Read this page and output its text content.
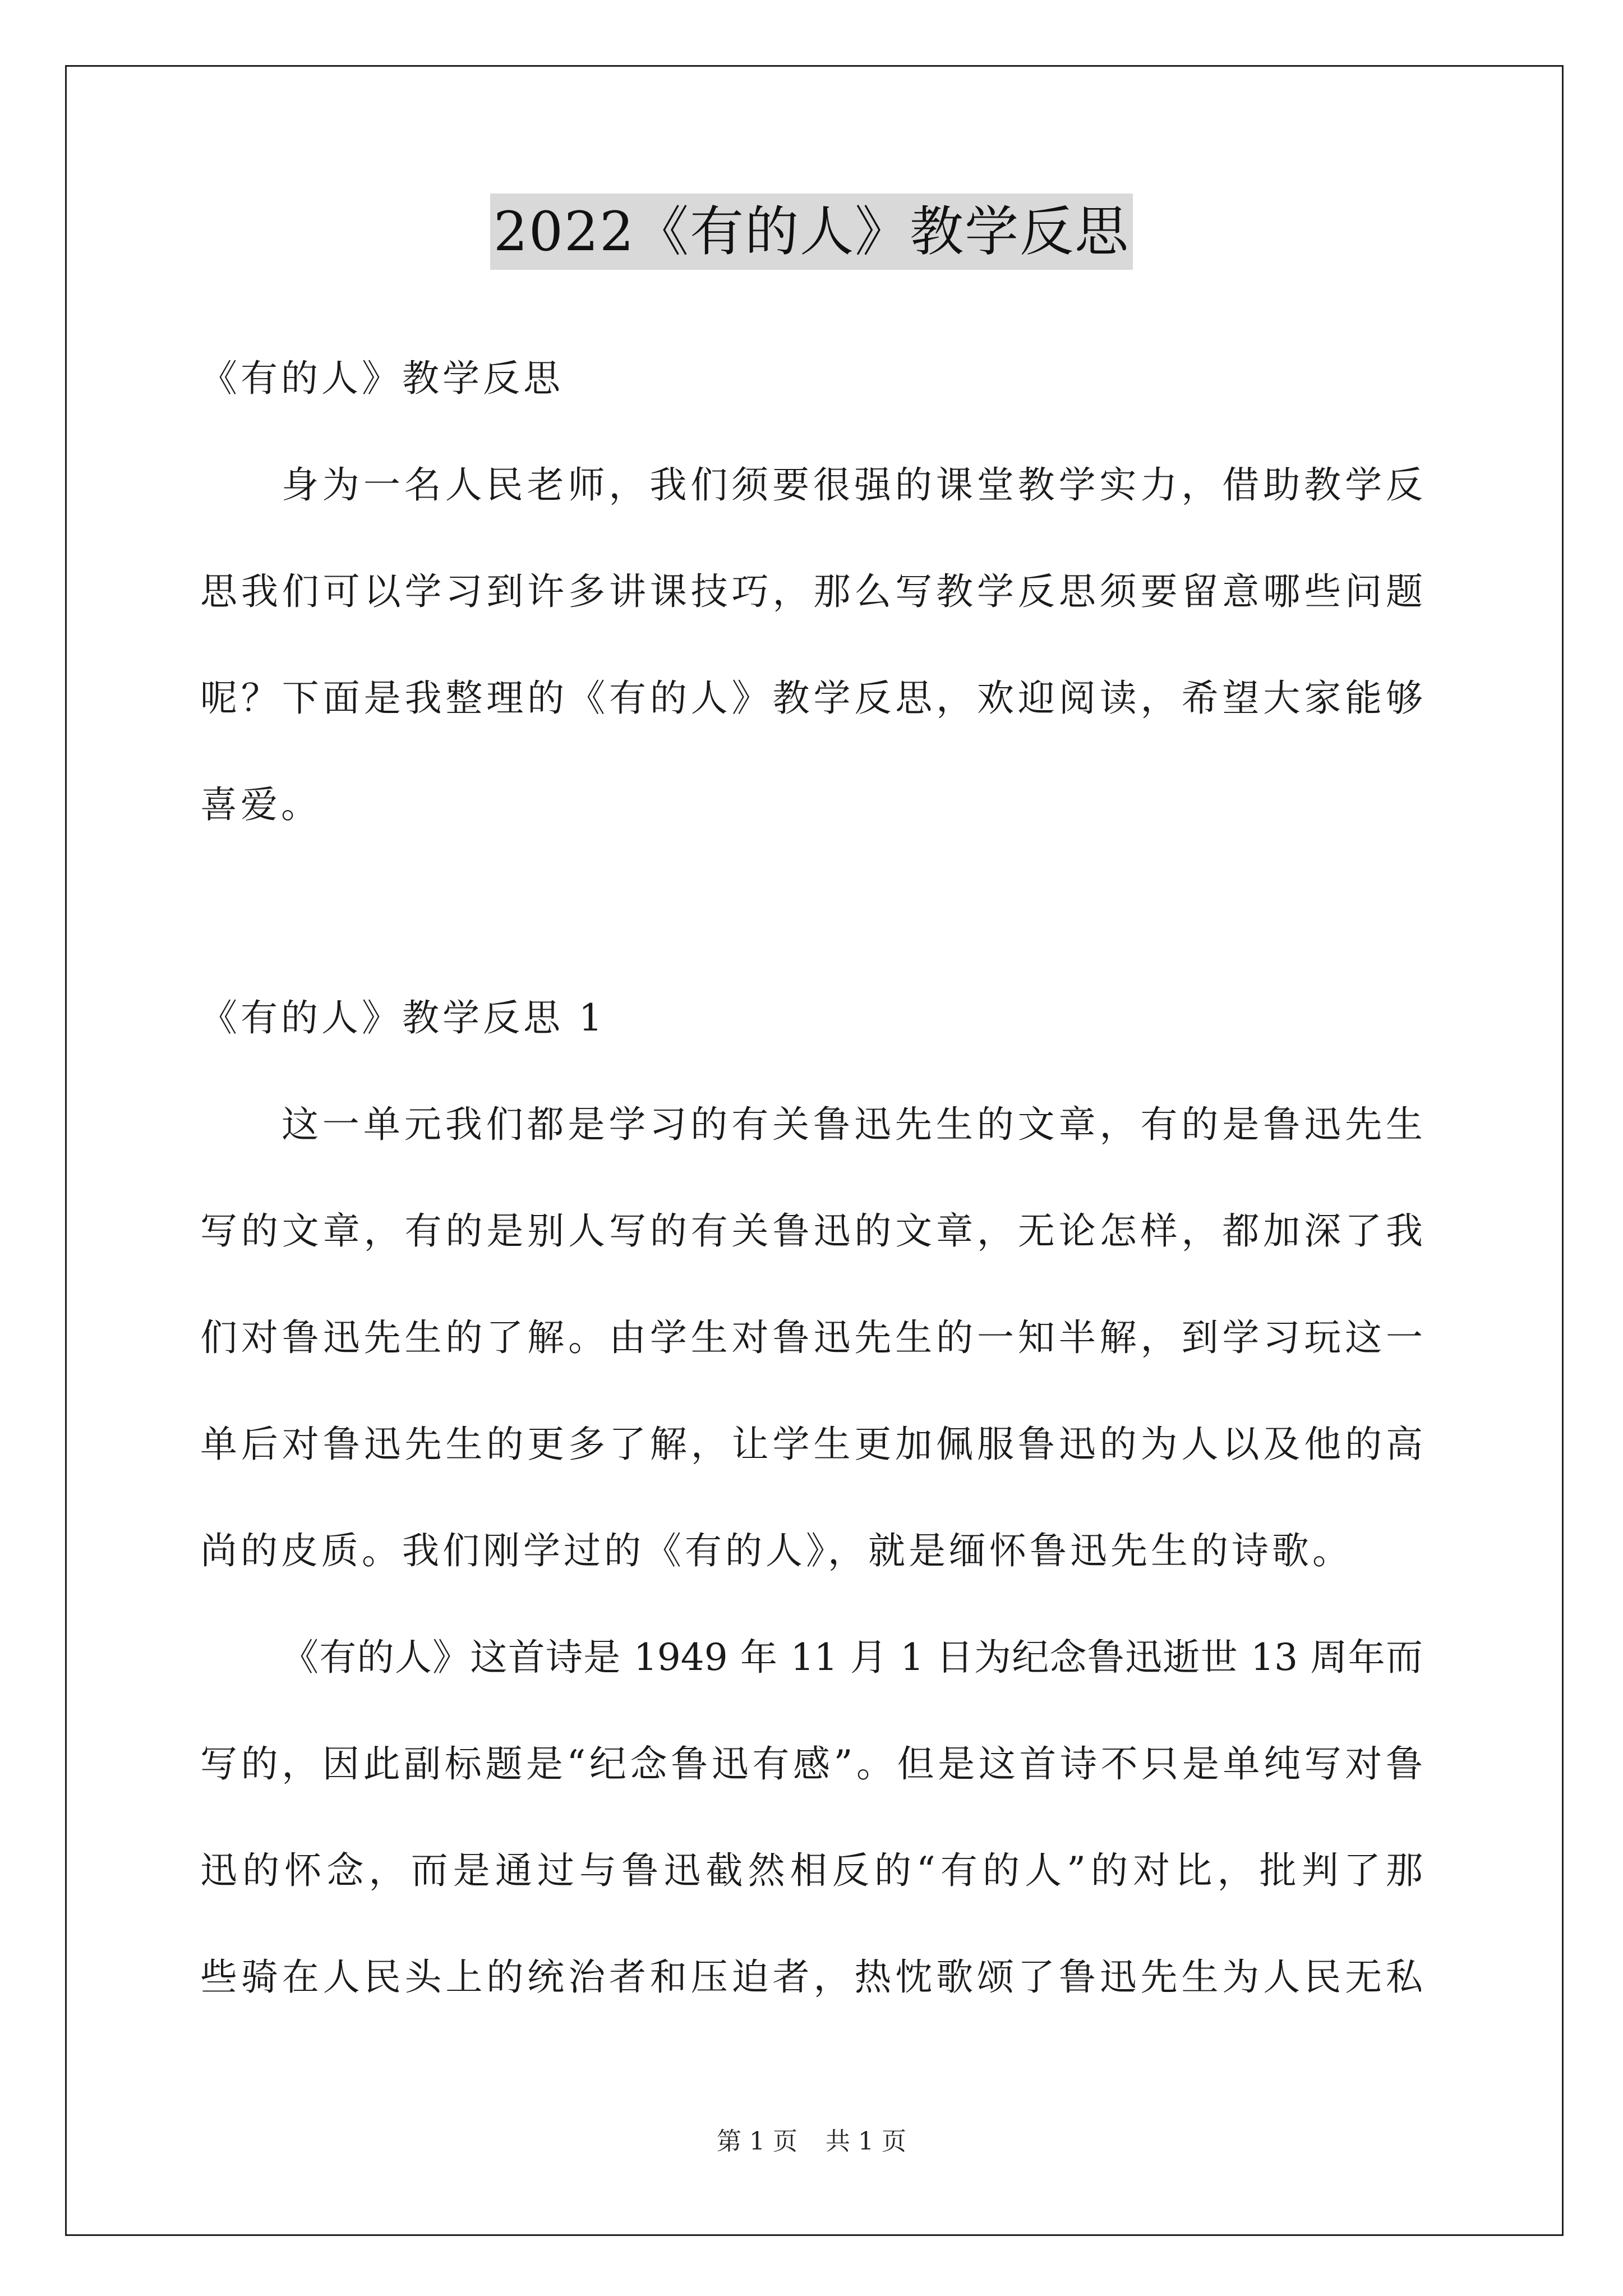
2022《有的人》教学反思
《有的人》教学反思
身为一名人民老师，我们须要很强的课堂教学实力，借助教学反
思我们可以学习到许多讲课技巧，那么写教学反思须要留意哪些问题
呢？下面是我整理的《有的人》教学反思，欢迎阅读，希望大家能够
喜爱。
《有的人》教学反思 1
这一单元我们都是学习的有关鲁迅先生的文章，有的是鲁迅先生
写的文章，有的是别人写的有关鲁迅的文章，无论怎样，都加深了我
们对鲁迅先生的了解。由学生对鲁迅先生的一知半解，到学习玩这一
单后对鲁迅先生的更多了解，让学生更加佩服鲁迅的为人以及他的高
尚的皮质。我们刚学过的《有的人》，就是缅怀鲁迅先生的诗歌。
《有的人》这首诗是 1949 年 11 月 1 日为纪念鲁迅逝世 13 周年而
写的，因此副标题是“纪念鲁迅有感”。但是这首诗不只是单纯写对鲁
迅的怀念，而是通过与鲁迅截然相反的“有的人”的对比，批判了那
些骑在人民头上的统治者和压迫者，热忱歌颂了鲁迅先生为人民无私
第 1 页 共 1 页
